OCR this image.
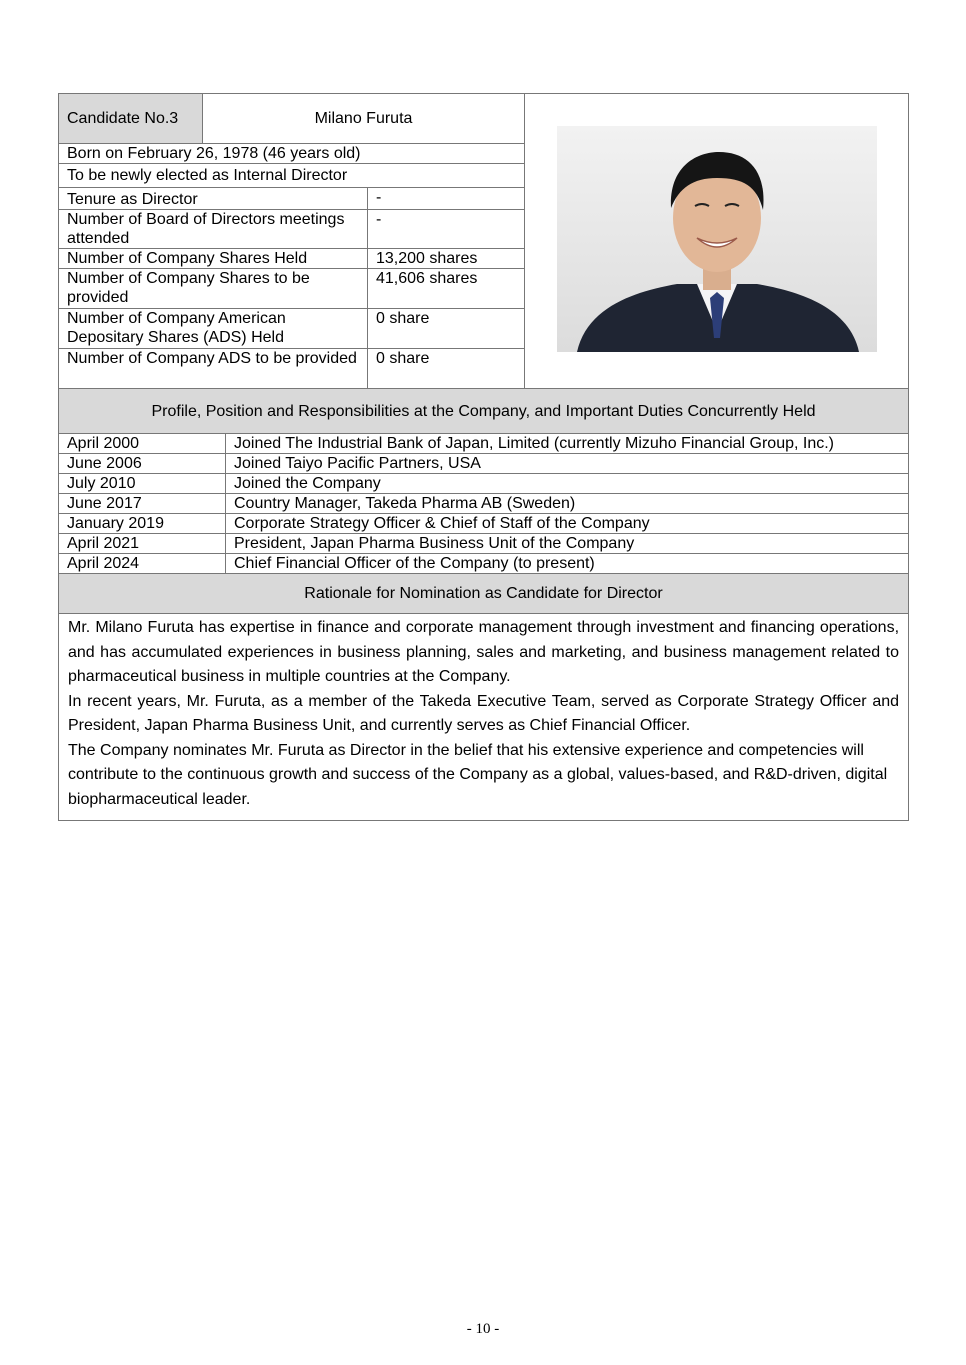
Candidate No.3	Milano Furuta	
Born on February 26, 1978 (46 years old)			
To be newly elected as Internal Director			
Tenure as Director		-	
Number of Board of Directors meetings attended		-	
Number of Company Shares Held		13,200 shares	
Number of Company Shares to be provided		41,606 shares	
Number of Company American Depositary Shares (ADS) Held		0 share	
Number of Company ADS to be provided		0 share	
Profile, Position and Responsibilities at the Company, and Important Duties Concurrently Held	
April 2000	Joined The Industrial Bank of Japan, Limited (currently Mizuho Financial Group, Inc.)
June 2006	Joined Taiyo Pacific Partners, USA
July 2010	Joined the Company
June 2017	Country Manager, Takeda Pharma AB (Sweden)
January 2019	Corporate Strategy Officer & Chief of Staff of the Company
April 2021	President, Japan Pharma Business Unit of the Company
April 2024	Chief Financial Officer of the Company (to present)
Rationale for Nomination as Candidate for Director	

Mr. Milano Furuta has expertise in finance and corporate management through investment and financing operations, and has accumulated experiences in business planning, sales and marketing, and business management related to pharmaceutical business in multiple countries at the Company.

In recent years, Mr. Furuta, as a member of the Takeda Executive Team, served as Corporate Strategy Officer and President, Japan Pharma Business Unit, and currently serves as Chief Financial Officer.

The Company nominates Mr. Furuta as Director in the belief that his extensive experience and competencies will contribute to the continuous growth and success of the Company as a global, values-based, and R&D-driven, digital biopharmaceutical leader.	

- 10 -
